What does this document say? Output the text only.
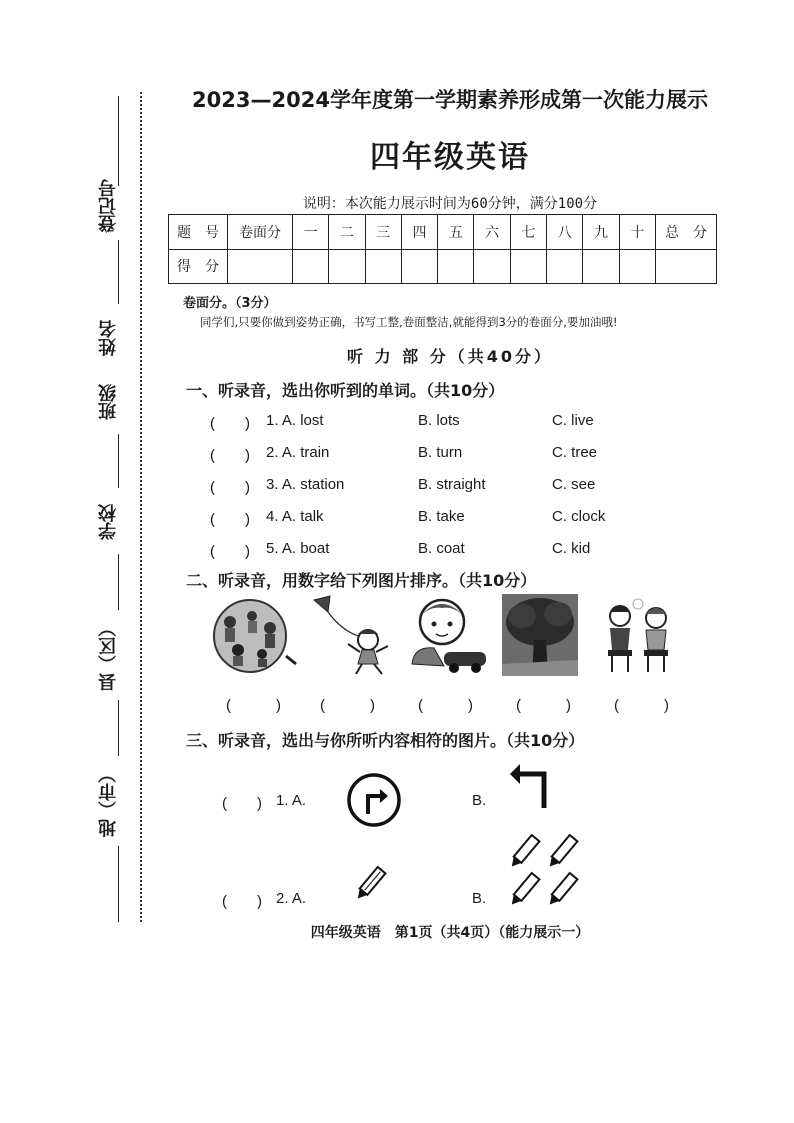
登记号
姓名
班级
学校
县（区）
地（市）
2023—2024学年度第一学期素养形成第一次能力展示
四年级英语
说明：本次能力展示时间为60分钟，满分100分
题　号	卷面分	一	二	三	四	五	六	七	八	九	十	总　分
得　分												
卷面分。（3分）
同学们,只要你做到姿势正确，书写工整,卷面整洁,就能得到3分的卷面分,要加油哦!
听 力 部 分（共40分）
一、听录音，选出你听到的单词。（共10分）
(　　) 1. A. lost	B. lots	C. live
(　　) 2. A. train	B. turn	C. tree
(　　) 3. A. station	B. straight	C. see
(　　) 4. A. talk	B. take	C. clock
(　　) 5. A. boat	B. coat	C. kid
二、听录音，用数字给下列图片排序。（共10分）
(　　　)	(　　　)	(　　　)	(　　　)	(　　　)
三、听录音，选出与你所听内容相符的图片。（共10分）
(　　) 1. A.	B.
(　　) 2. A.	B.
四年级英语　第1页（共4页）（能力展示一）
